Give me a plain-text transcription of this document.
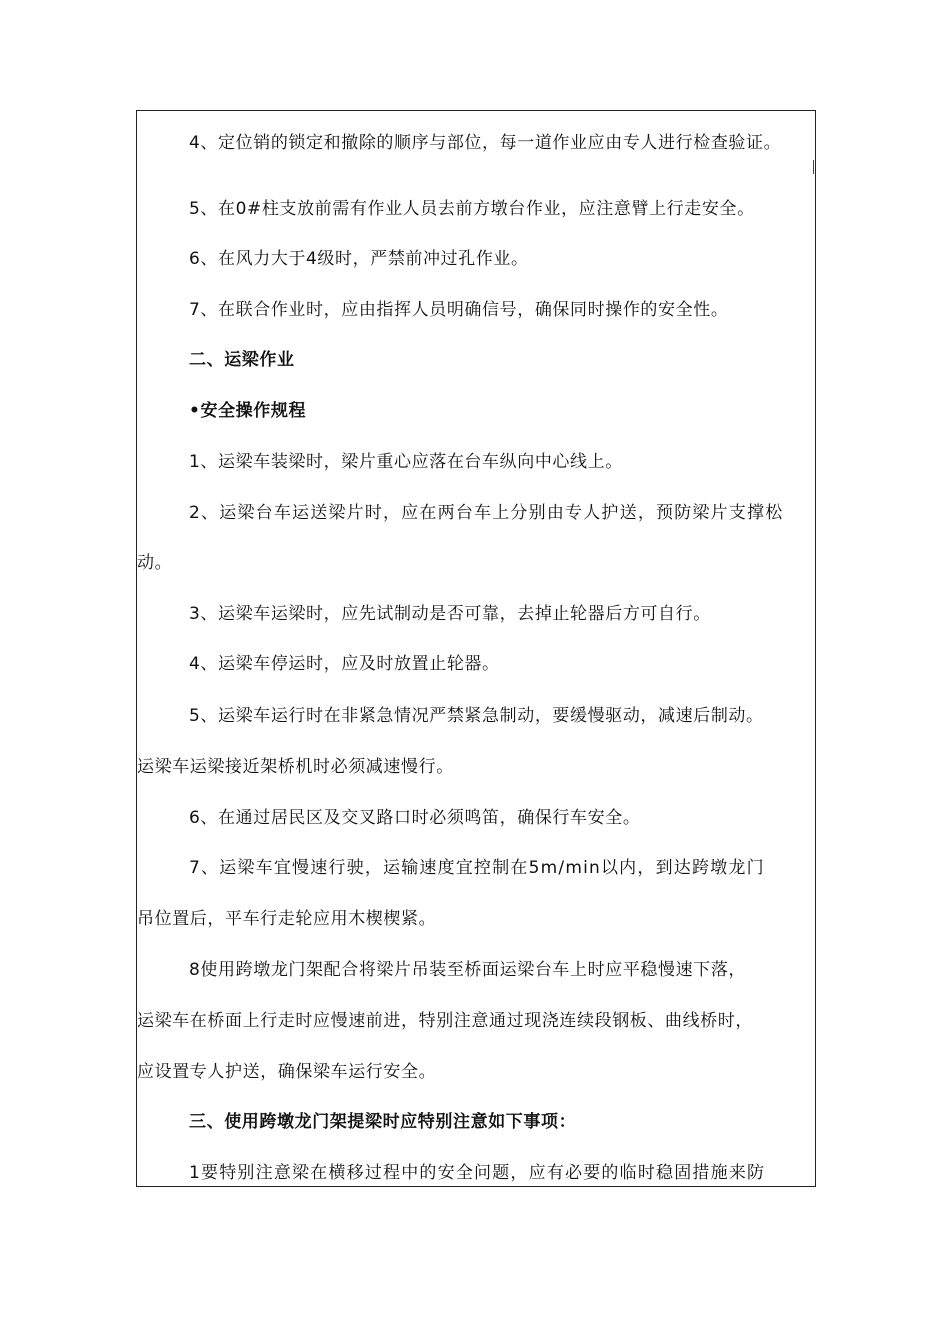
4、定位销的锁定和撤除的顺序与部位，每一道作业应由专人进行检查验证。
5、在0#柱支放前需有作业人员去前方墩台作业，应注意臂上行走安全。
6、在风力大于4级时，严禁前冲过孔作业。
7、在联合作业时，应由指挥人员明确信号，确保同时操作的安全性。
二、运梁作业
•安全操作规程
1、运梁车装梁时，梁片重心应落在台车纵向中心线上。
2、运梁台车运送梁片时，应在两台车上分别由专人护送，预防梁片支撑松
动。
3、运梁车运梁时，应先试制动是否可靠，去掉止轮器后方可自行。
4、运梁车停运时，应及时放置止轮器。
5、运梁车运行时在非紧急情况严禁紧急制动，要缓慢驱动，减速后制动。
运梁车运梁接近架桥机时必须减速慢行。
6、在通过居民区及交叉路口时必须鸣笛，确保行车安全。
7、运梁车宜慢速行驶，运输速度宜控制在5m/min以内，到达跨墩龙门
吊位置后，平车行走轮应用木楔楔紧。
8使用跨墩龙门架配合将梁片吊装至桥面运梁台车上时应平稳慢速下落，
运梁车在桥面上行走时应慢速前进，特别注意通过现浇连续段钢板、曲线桥时，
应设置专人护送，确保梁车运行安全。
三、使用跨墩龙门架提梁时应特别注意如下事项：
1要特别注意梁在横移过程中的安全问题，应有必要的临时稳固措施来防
